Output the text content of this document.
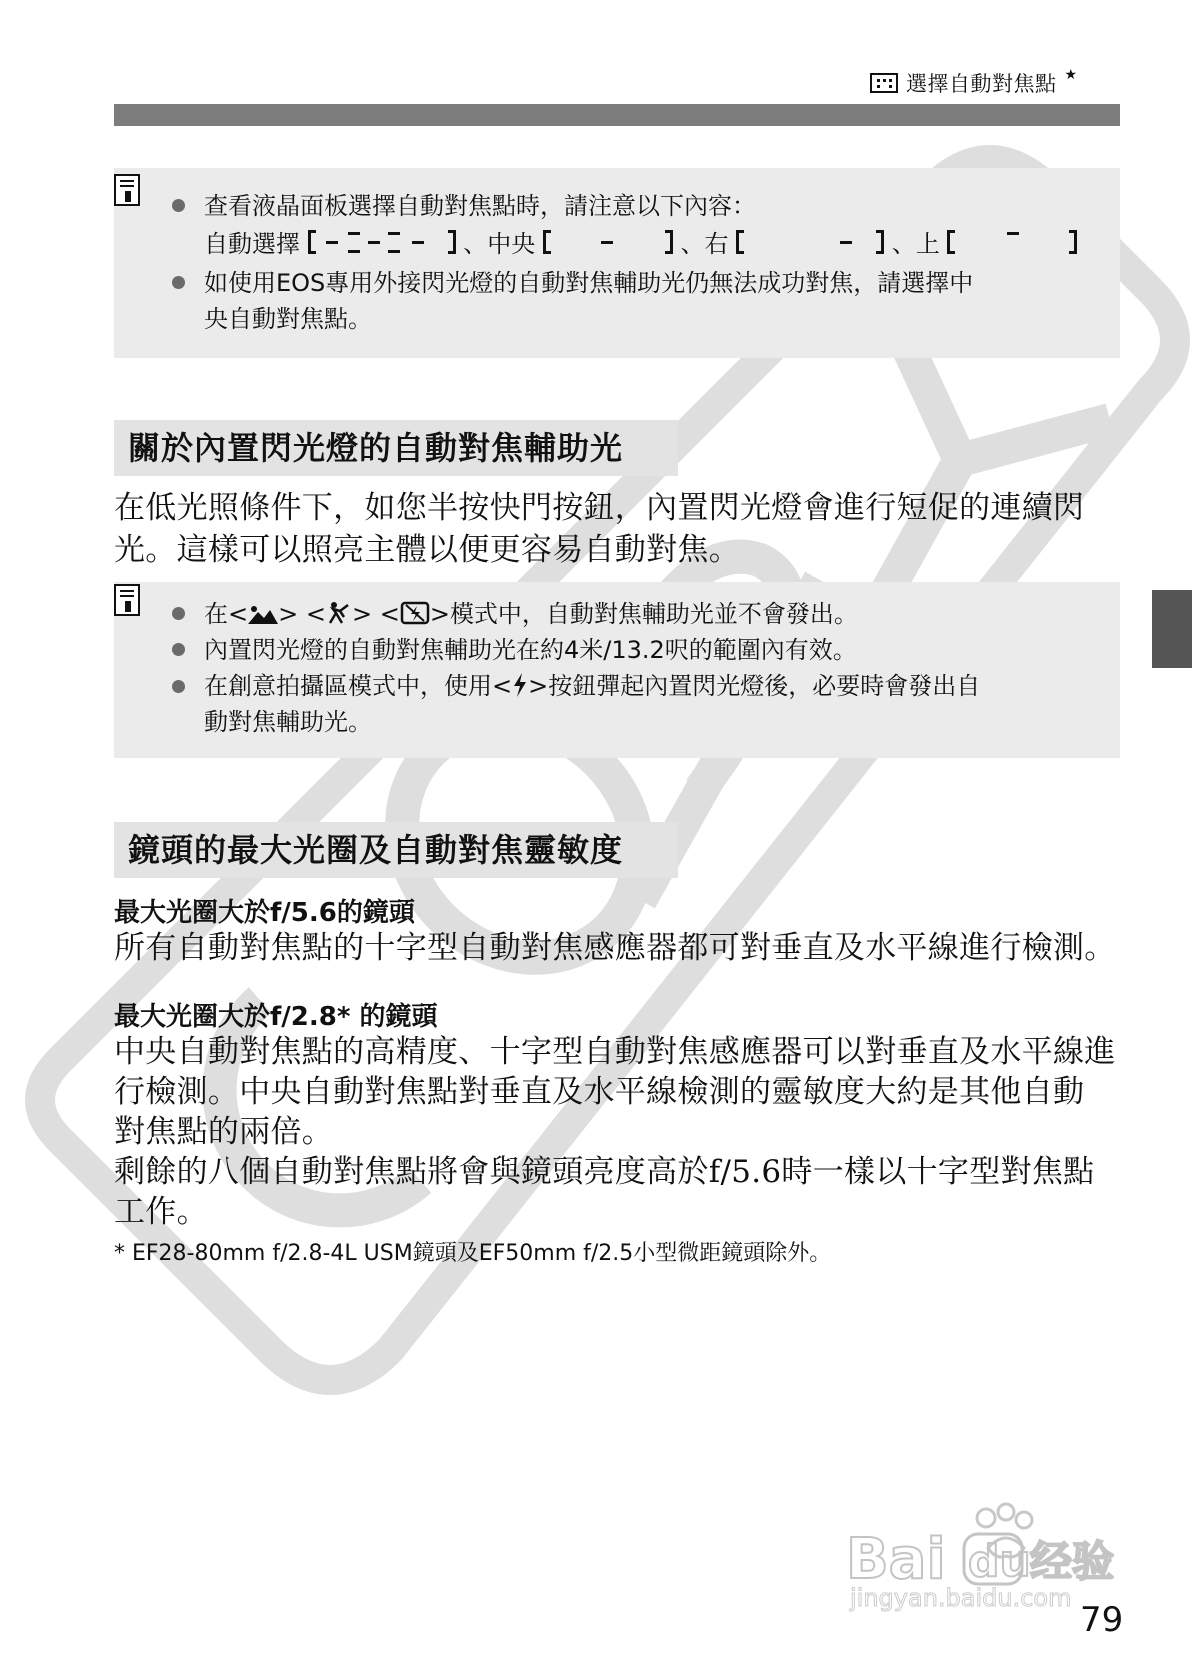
選擇自動對焦點 ★
查看液晶面板選擇自動對焦點時，請注意以下內容：
自動選擇	、中央	、右	、上
如使用EOS專用外接閃光燈的自動對焦輔助光仍無法成功對焦，請選擇中
央自動對焦點。
關於內置閃光燈的自動對焦輔助光
在低光照條件下，如您半按快門按鈕，內置閃光燈會進行短促的連續閃
光。這樣可以照亮主體以便更容易自動對焦。
在< > < > < >模式中，自動對焦輔助光並不會發出。
內置閃光燈的自動對焦輔助光在約4米/13.2呎的範圍內有效。
在創意拍攝區模式中，使用< >按鈕彈起內置閃光燈後，必要時會發出自
動對焦輔助光。
鏡頭的最大光圈及自動對焦靈敏度
最大光圈大於f/5.6的鏡頭
所有自動對焦點的十字型自動對焦感應器都可對垂直及水平線進行檢測。
最大光圈大於f/2.8* 的鏡頭
中央自動對焦點的高精度、十字型自動對焦感應器可以對垂直及水平線進
行檢測。中央自動對焦點對垂直及水平線檢測的靈敏度大約是其他自動
對焦點的兩倍。
剩餘的八個自動對焦點將會與鏡頭亮度高於f/5.6時一樣以十字型對焦點
工作。
* EF28-80mm f/2.8-4L USM鏡頭及EF50mm f/2.5小型微距鏡頭除外。
Bai du 经验
jingyan.baidu.com
79
